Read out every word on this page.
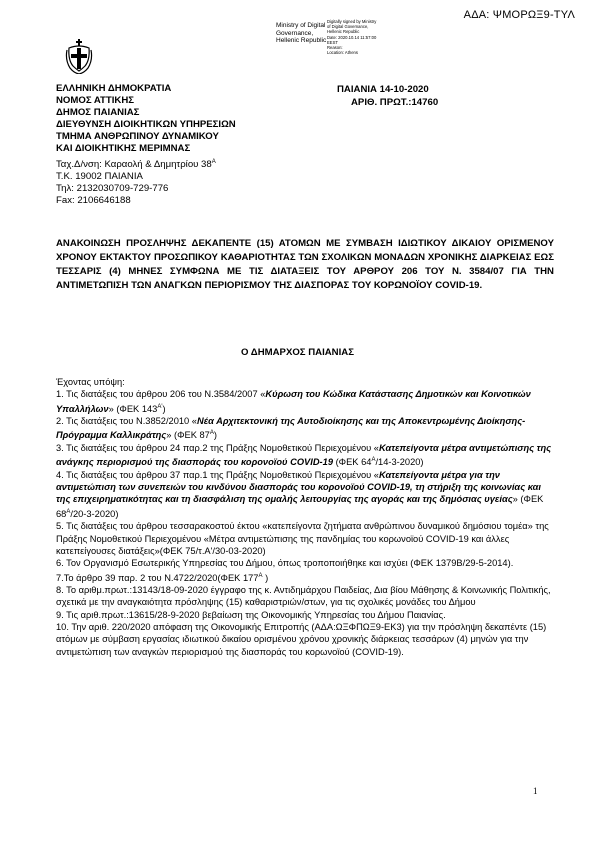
ΑΔΑ: ΨΜΟΡΩΞ9-ΤΥΛ
Ministry of Digital
Governance,
Hellenic Republic
Digitally signed by Ministry
of Digital Governance,
Hellenic Republic
Date: 2020.10.14 11:57:00
EEST
Reason:
Location: Athens
ΕΛΛΗΝΙΚΗ ΔΗΜΟΚΡΑΤΙΑ
ΝΟΜΟΣ ΑΤΤΙΚΗΣ
ΔΗΜΟΣ ΠΑΙΑΝΙΑΣ
ΔΙΕΥΘΥΝΣΗ ΔΙΟΙΚΗΤΙΚΩΝ ΥΠΗΡΕΣΙΩΝ
ΤΜΗΜΑ ΑΝΘΡΩΠΙΝΟΥ ΔΥΝΑΜΙΚΟΥ
ΚΑΙ ΔΙΟΙΚΗΤΙΚΗΣ ΜΕΡΙΜΝΑΣ
Ταχ.Δ/νση: Καραολή & Δημητρίου $38^A$
Τ.Κ. 19002 ΠΑΙΑΝΙΑ
Τηλ: 2132030709-729-776
Fax: 2106646188
ΠΑΙΑΝΙΑ 14-10-2020
ΑΡΙΘ. ΠΡΩΤ.:14760
ΑΝΑΚΟΙΝΩΣΗ ΠΡΟΣΛΗΨΗΣ ΔΕΚΑΠΕΝΤΕ (15) ΑΤΟΜΩΝ ΜΕ ΣΥΜΒΑΣΗ ΙΔΙΩΤΙΚΟΥ ΔΙΚΑΙΟΥ ΟΡΙΣΜΕΝΟΥ ΧΡΟΝΟΥ ΕΚΤΑΚΤΟΥ ΠΡΟΣΩΠΙΚΟΥ ΚΑΘΑΡΙΟΤΗΤΑΣ ΤΩΝ ΣΧΟΛΙΚΩΝ ΜΟΝΑΔΩΝ ΧΡΟΝΙΚΗΣ ΔΙΑΡΚΕΙΑΣ ΕΩΣ ΤΕΣΣΑΡΙΣ (4) ΜΗΝΕΣ ΣΥΜΦΩΝΑ ΜΕ ΤΙΣ ΔΙΑΤΑΞΕΙΣ ΤΟΥ ΑΡΘΡΟΥ 206 ΤΟΥ Ν. 3584/07 ΓΙΑ ΤΗΝ ΑΝΤΙΜΕΤΩΠΙΣΗ ΤΩΝ ΑΝΑΓΚΩΝ ΠΕΡΙΟΡΙΣΜΟΥ ΤΗΣ ΔΙΑΣΠΟΡΑΣ ΤΟΥ ΚΟΡΩΝΟΪΟΥ COVID-19.
Ο ΔΗΜΑΡΧΟΣ ΠΑΙΑΝΙΑΣ

Έχοντας υπόψη:

1. Τις διατάξεις του άρθρου 206 του Ν.3584/2007 «Κύρωση του Κώδικα Κατάστασης Δημοτικών και Κοινοτικών Υπαλλήλων» (ΦΕΚ $143^{A'}$)

2. Τις διατάξεις του Ν.3852/2010 «Νέα Αρχιτεκτονική της Αυτοδιοίκησης και της Αποκεντρωμένης Διοίκησης-Πρόγραμμα Καλλικράτης» (ΦΕΚ $87^A$)

3. Τις διατάξεις του άρθρου 24 παρ.2 της Πράξης Νομοθετικού Περιεχομένου «Κατεπείγοντα μέτρα αντιμετώπισης της ανάγκης περιορισμού της διασποράς του κορονοϊού COVID-19 (ΦΕΚ $64^A/14-3-2020$)

4. Τις διατάξεις του άρθρου 37 παρ.1 της Πράξης Νομοθετικού Περιεχομένου «Κατεπείγοντα μέτρα για την αντιμετώπιση των συνεπειών του κινδύνου διασποράς του κορονοϊού COVID-19, τη στήριξη της κοινωνίας και της επιχειρηματικότητας και τη διασφάλιση της ομαλής λειτουργίας της αγοράς και της δημόσιας υγείας» (ΦΕΚ $68^A/20-3-2020$)

5. Τις διατάξεις του άρθρου τεσσαρακοστού έκτου «κατεπείγοντα ζητήματα ανθρώπινου δυναμικού δημόσιου τομέα» της Πράξης Νομοθετικού Περιεχομένου «Μέτρα αντιμετώπισης της πανδημίας του κορωνοϊού COVID-19 και άλλες κατεπείγουσες διατάξεις»(ΦΕΚ 75/τ.Α'/30-03-2020)

6. Τον Οργανισμό Εσωτερικής Υπηρεσίας του Δήμου, όπως τροποποιήθηκε και ισχύει (ΦΕΚ 1379Β/29-5-2014).

7.Το άρθρο 39 παρ. 2 του Ν.4722/2020(ΦΕΚ $177^A$ )

8. Το αριθμ.πρωτ.:13143/18-09-2020 έγγραφο της κ. Αντιδημάρχου Παιδείας, Δια βίου Μάθησης & Κοινωνικής Πολιτικής, σχετικά με την αναγκαιότητα πρόσληψης (15) καθαριστριών/στων, για τις σχολικές μονάδες του Δήμου

9. Τις αριθ.πρωτ.:13615/28-9-2020 βεβαίωση της Οικονομικής Υπηρεσίας του Δήμου Παιανίας.

10. Την αριθ. 220/2020 απόφαση της Οικονομικής Επιτροπής (ΑΔΑ:ΩΞΦΠΩΞ9-ΕΚ3) για την πρόσληψη δεκαπέντε (15) ατόμων με σύμβαση εργασίας ιδιωτικού δικαίου ορισμένου χρόνου χρονικής διάρκειας τεσσάρων (4) μηνών για την αντιμετώπιση των αναγκών περιορισμού της διασποράς του κορωνοϊού (COVID-19).

1
